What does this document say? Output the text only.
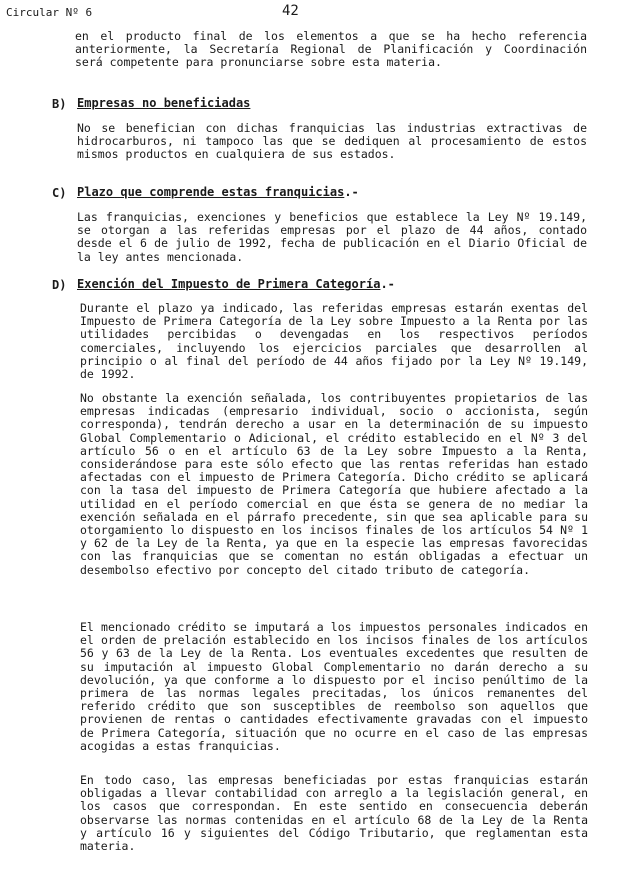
Circular Nº 6	42
en el producto final de los elementos a que se ha hecho referencia anteriormente, la Secretaría Regional de Planificación y Coordinación será competente para pronunciarse sobre esta materia.
B) Empresas no beneficiadas
No se benefician con dichas franquicias las industrias extractivas de hidrocarburos, ni tampoco las que se dediquen al procesamiento de estos mismos productos en cualquiera de sus estados.
C) Plazo que comprende estas franquicias.-
Las franquicias, exenciones y beneficios que establece la Ley Nº 19.149, se otorgan a las referidas empresas por el plazo de 44 años, contado desde el 6 de julio de 1992, fecha de publicación en el Diario Oficial de la ley antes mencionada.
D) Exención del Impuesto de Primera Categoría.-
Durante el plazo ya indicado, las referidas empresas estarán exentas del Impuesto de Primera Categoría de la Ley sobre Impuesto a la Renta por las utilidades percibidas o devengadas en los respectivos períodos comerciales, incluyendo los ejercicios parciales que desarrollen al principio o al final del período de 44 años fijado por la Ley Nº 19.149, de 1992.
No obstante la exención señalada, los contribuyentes propietarios de las empresas indicadas (empresario individual, socio o accionista, según corresponda), tendrán derecho a usar en la determinación de su impuesto Global Complementario o Adicional, el crédito establecido en el Nº 3 del artículo 56 o en el artículo 63 de la Ley sobre Impuesto a la Renta, considerándose para este sólo efecto que las rentas referidas han estado afectadas con el impuesto de Primera Categoría. Dicho crédito se aplicará con la tasa del impuesto de Primera Categoría que hubiere afectado a la utilidad en el período comercial en que ésta se genera de no mediar la exención señalada en el párrafo precedente, sin que sea aplicable para su otorgamiento lo dispuesto en los incisos finales de los artículos 54 Nº 1 y 62 de la Ley de la Renta, ya que en la especie las empresas favorecidas con las franquicias que se comentan no están obligadas a efectuar un desembolso efectivo por concepto del citado tributo de categoría.
El mencionado crédito se imputará a los impuestos personales indicados en el orden de prelación establecido en los incisos finales de los artículos 56 y 63 de la Ley de la Renta. Los eventuales excedentes que resulten de su imputación al impuesto Global Complementario no darán derecho a su devolución, ya que conforme a lo dispuesto por el inciso penúltimo de la primera de las normas legales precitadas, los únicos remanentes del referido crédito que son susceptibles de reembolso son aquellos que provienen de rentas o cantidades efectivamente gravadas con el impuesto de Primera Categoría, situación que no ocurre en el caso de las empresas acogidas a estas franquicias.
En todo caso, las empresas beneficiadas por estas franquicias estarán obligadas a llevar contabilidad con arreglo a la legislación general, en los casos que correspondan. En este sentido en consecuencia deberán observarse las normas contenidas en el artículo 68 de la Ley de la Renta y artículo 16 y siguientes del Código Tributario, que reglamentan esta materia.
